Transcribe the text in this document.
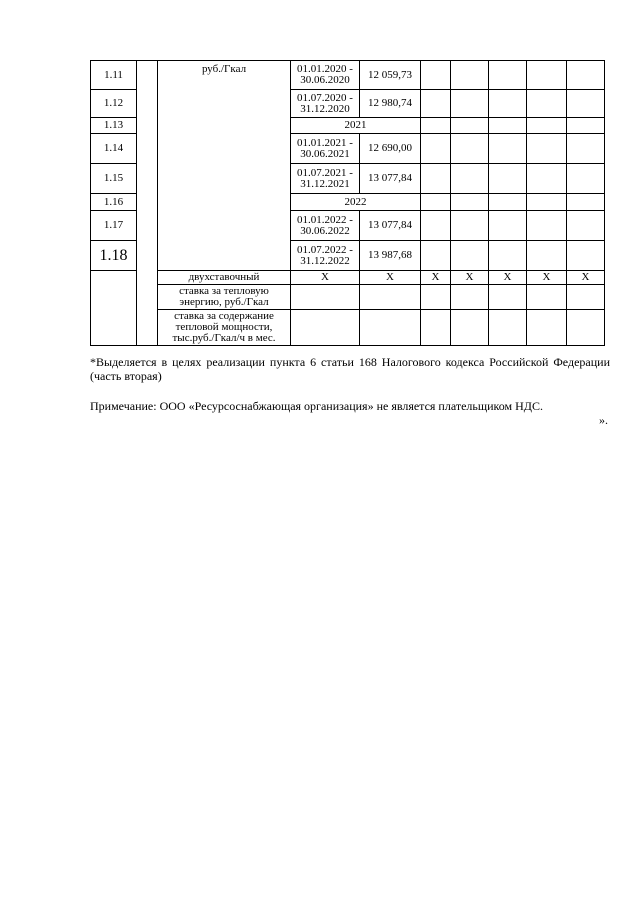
1.11		руб./Гкал	01.01.2020 - 30.06.2020	12 059,73					
1.12			01.07.2020 - 31.12.2020	12 980,74					
1.13			2021						
1.14			01.01.2021 - 30.06.2021	12 690,00					
1.15			01.07.2021 - 31.12.2021	13 077,84					
1.16			2022						
1.17			01.01.2022 - 30.06.2022	13 077,84					
1.18			01.07.2022 - 31.12.2022	13 987,68					
		двухставочный	X	X	X	X	X	X	X
		ставка за тепловую энергию, руб./Гкал							
		ставка за содержание тепловой мощности, тыс.руб./Гкал/ч в мес.							
*Выделяется в целях реализации пункта 6 статьи 168 Налогового кодекса Российской Федерации (часть вторая)
Примечание: ООО «Ресурсоснабжающая организация» не является плательщиком НДС.
».
